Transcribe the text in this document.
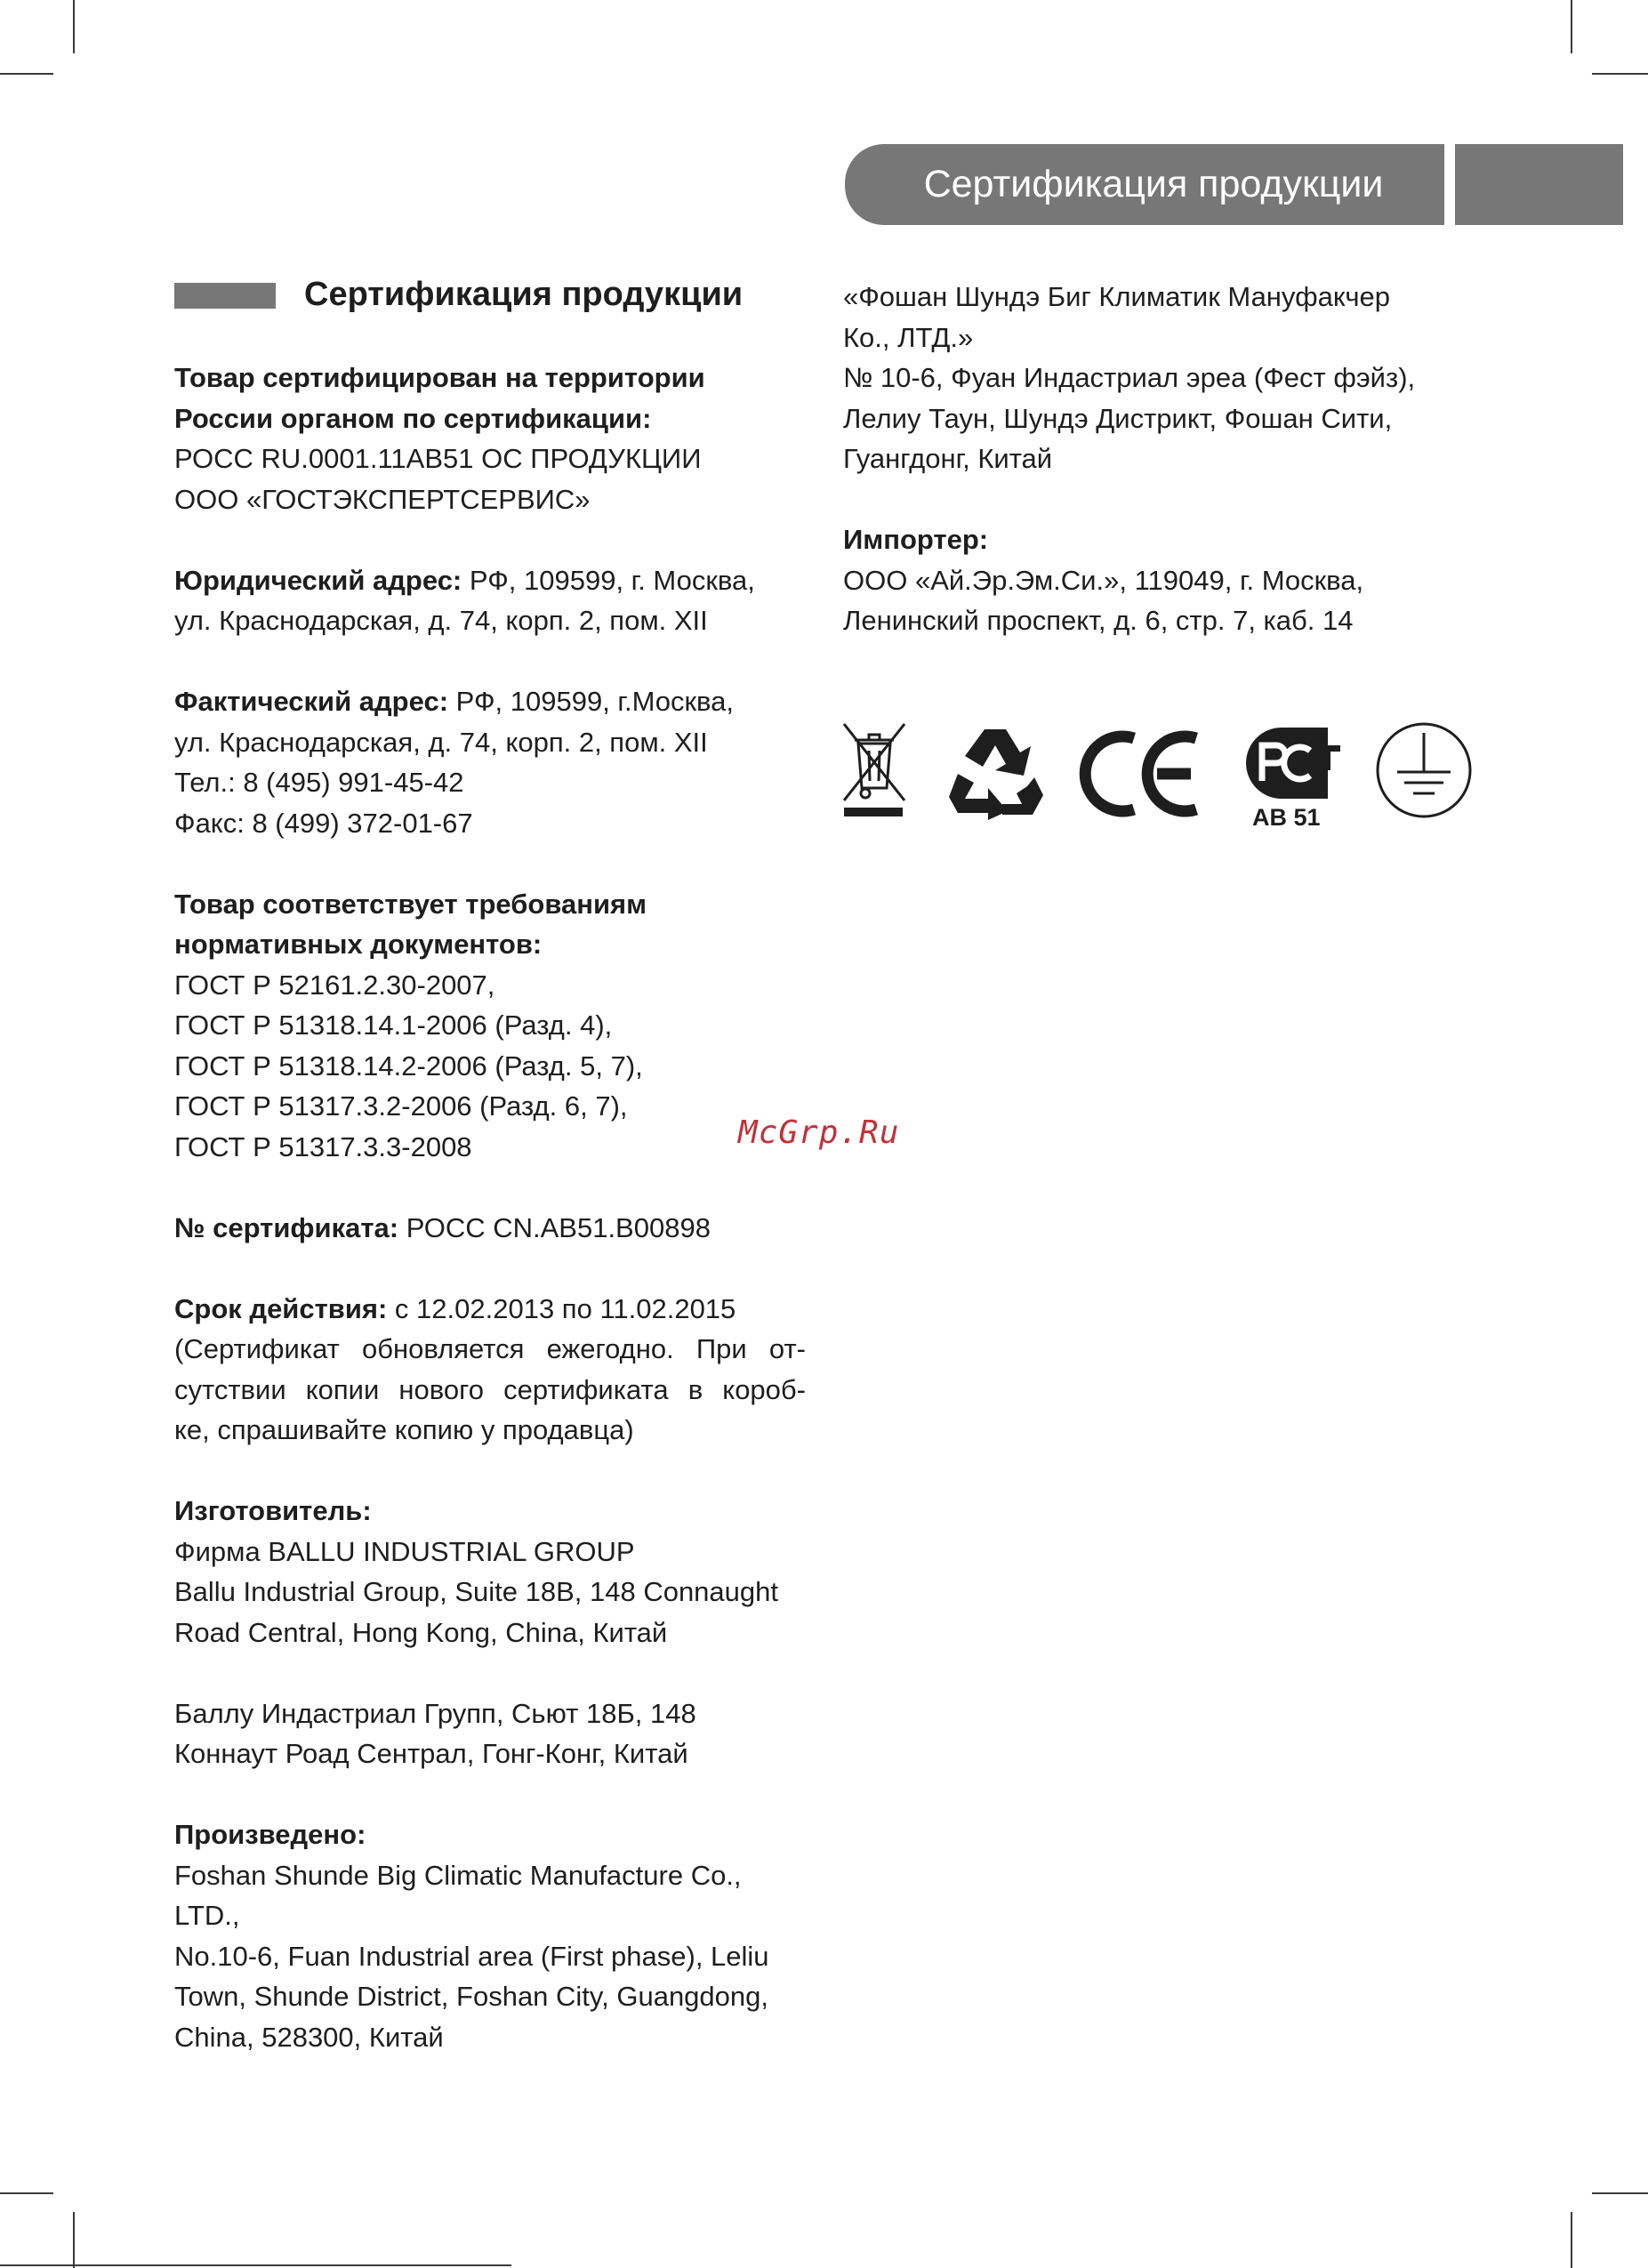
Сертификация продукции
Сертификация продукции
Товар сертифицирован на территории
России органом по сертификации:
РОСС RU.0001.11АВ51 ОС ПРОДУКЦИИ
ООО «ГОСТЭКСПЕРТСЕРВИС»
Юридический адрес: РФ, 109599, г. Москва,
ул. Краснодарская, д. 74, корп. 2, пом. XII
Фактический адрес: РФ, 109599, г.Москва,
ул. Краснодарская, д. 74, корп. 2, пом. XII
Тел.: 8 (495) 991-45-42
Факс: 8 (499) 372-01-67
Товар соответствует требованиям
нормативных документов:
ГОСТ Р 52161.2.30-2007,
ГОСТ Р 51318.14.1-2006 (Разд. 4),
ГОСТ Р 51318.14.2-2006 (Разд. 5, 7),
ГОСТ Р 51317.3.2-2006 (Разд. 6, 7),
ГОСТ Р 51317.3.3-2008
№ сертификата: РОСС CN.АВ51.В00898
Срок действия: с 12.02.2013 по 11.02.2015
(Сертификат обновляется ежегодно. При от-
сутствии копии нового сертификата в короб-
ке, спрашивайте копию у продавца)
Изготовитель:
Фирма BALLU INDUSTRIAL GROUP
Ballu Industrial Group, Suite 18B, 148 Connaught
Road Central, Hong Kong, China, Китай
Баллу Индастриал Групп, Сьют 18Б, 148
Коннаут Роад Сентрал, Гонг-Конг, Китай
Произведено:
Foshan Shunde Big Climatic Manufacture Co.,
LTD.,
No.10-6, Fuan Industrial area (First phase), Leliu
Town, Shunde District, Foshan City, Guangdong,
China, 528300, Китай
«Фошан Шундэ Биг Климатик Мануфакчер
Ко., ЛТД.»
№ 10-6, Фуан Индастриал эреа (Фест фэйз),
Лелиу Таун, Шундэ Дистрикт, Фошан Сити,
Гуангдонг, Китай
Импортер:
ООО «Ай.Эр.Эм.Си.», 119049, г. Москва,
Ленинский проспект, д. 6, стр. 7, каб. 14
АВ 51
McGrp.Ru
